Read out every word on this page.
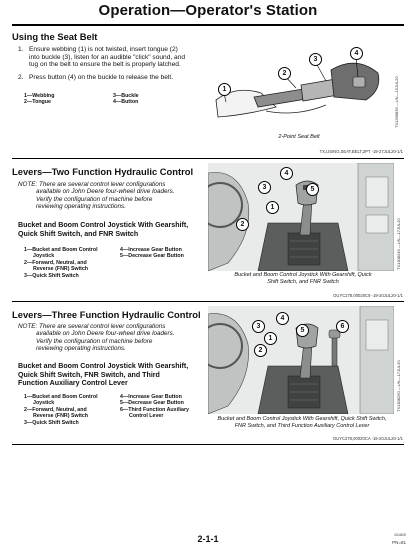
Operation—Operator's Station
Using the Seat Belt
1. Ensure webbing (1) is not twisted, insert tongue (2)
into buckle (3), listen for an audible "click" sound, and
tug on the belt to ensure the belt is properly latched.
2. Press button (4) on the buckle to release the belt.
1—Webbing
2—Tongue
3—Buckle
4—Button
1
2
3
4
TX1268839 —UN—15JUL20
2-Point Seat Belt
TX,USING,SEAT,BELT,2PT -19-27JUL20-1/1
Levers—Two Function Hydraulic Control
NOTE: There are several control lever configurations
available on John Deere four-wheel drive loaders.
Verify the configuration of machine before
reviewing operating instructions.
Bucket and Boom Control Joystick With Gearshift,
Quick Shift Switch, and FNR Switch
1—Bucket and Boom Control
Joystick
2—Forward, Neutral, and
Reverse (FNR) Switch
3—Quick Shift Switch
4—Increase Gear Button
5—Decrease Gear Button
4
5
3
1
2	TX1308249 —UN—17JUL20
Bucket and Boom Control Joystick With Gearshift, Quick
Shift Switch, and FNR Switch
OUYC278,00020C9 -19-20JUL20-1/1
Levers—Three Function Hydraulic Control
NOTE: There are several control lever configurations
available on John Deere four-wheel drive loaders.
Verify the configuration of machine before
reviewing operating instructions.
Bucket and Boom Control Joystick With Gearshift,
Quick Shift Switch, FNR Switch, and Third
Function Auxiliary Control Lever
1—Bucket and Boom Control
Joystick
2—Forward, Neutral, and
Reverse (FNR) Switch
3—Quick Shift Switch
4—Increase Gear Button
5—Decrease Gear Button
6—Third Function Auxiliary
Control Lever
3
4
5
6
1
2
TX1308250 —UN—17JUL20
Bucket and Boom Control Joystick With Gearshift, Quick Shift Switch,
FNR Switch, and Third Function Auxiliary Control Lever
OUYC278,00020CA -19-20JUL20-1/1
2-1-1	101620
PN=81
